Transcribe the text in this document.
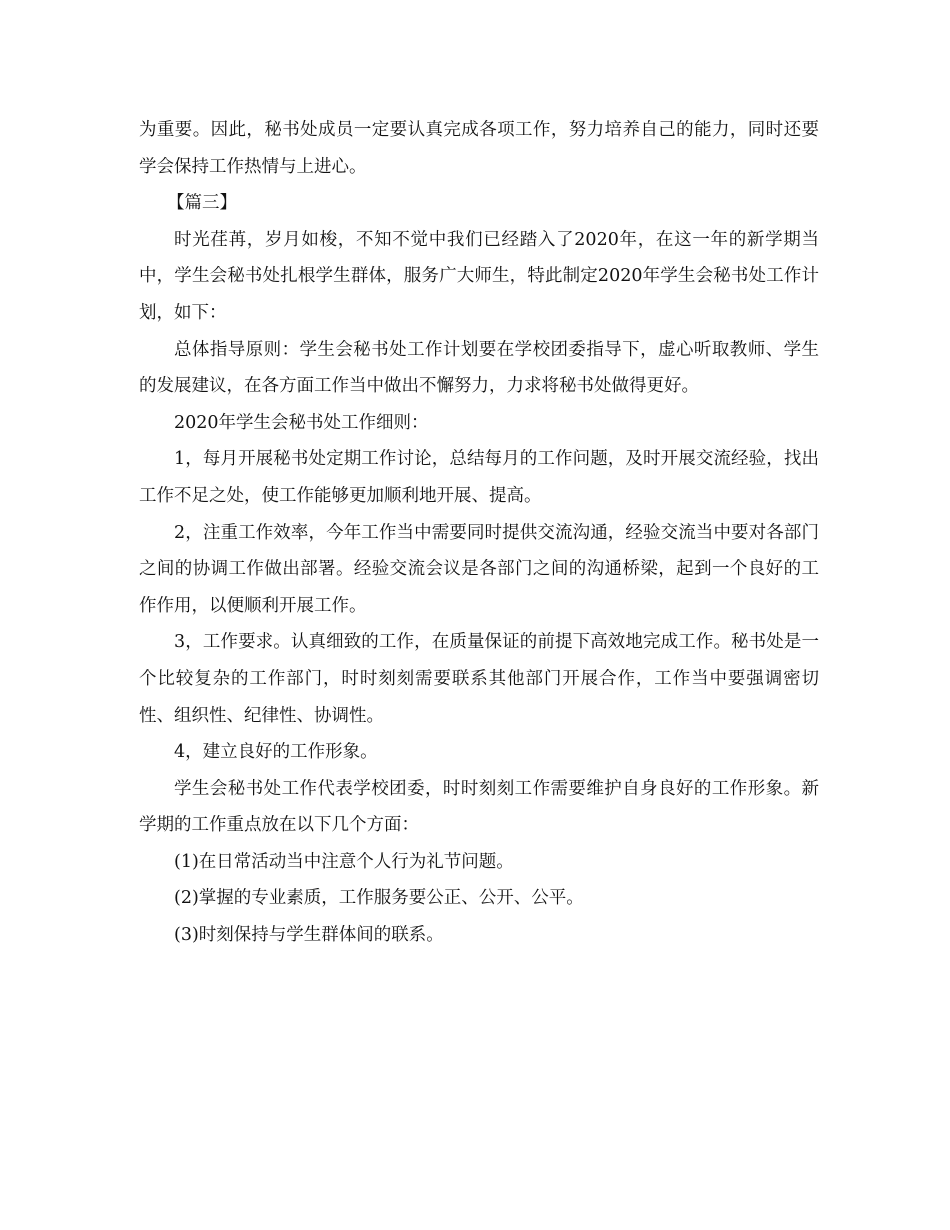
为重要。因此，秘书处成员一定要认真完成各项工作，努力培养自己的能力，同时还要学会保持工作热情与上进心。

【篇三】

时光荏苒，岁月如梭，不知不觉中我们已经踏入了2020年，在这一年的新学期当中，学生会秘书处扎根学生群体，服务广大师生，特此制定2020年学生会秘书处工作计划，如下：

总体指导原则：学生会秘书处工作计划要在学校团委指导下，虚心听取教师、学生的发展建议，在各方面工作当中做出不懈努力，力求将秘书处做得更好。

2020年学生会秘书处工作细则：

1，每月开展秘书处定期工作讨论，总结每月的工作问题，及时开展交流经验，找出工作不足之处，使工作能够更加顺利地开展、提高。

2，注重工作效率，今年工作当中需要同时提供交流沟通，经验交流当中要对各部门之间的协调工作做出部署。经验交流会议是各部门之间的沟通桥梁，起到一个良好的工作作用，以便顺利开展工作。

3，工作要求。认真细致的工作，在质量保证的前提下高效地完成工作。秘书处是一个比较复杂的工作部门，时时刻刻需要联系其他部门开展合作，工作当中要强调密切性、组织性、纪律性、协调性。

4，建立良好的工作形象。

学生会秘书处工作代表学校团委，时时刻刻工作需要维护自身良好的工作形象。新学期的工作重点放在以下几个方面：

(1)在日常活动当中注意个人行为礼节问题。

(2)掌握的专业素质，工作服务要公正、公开、公平。

(3)时刻保持与学生群体间的联系。
